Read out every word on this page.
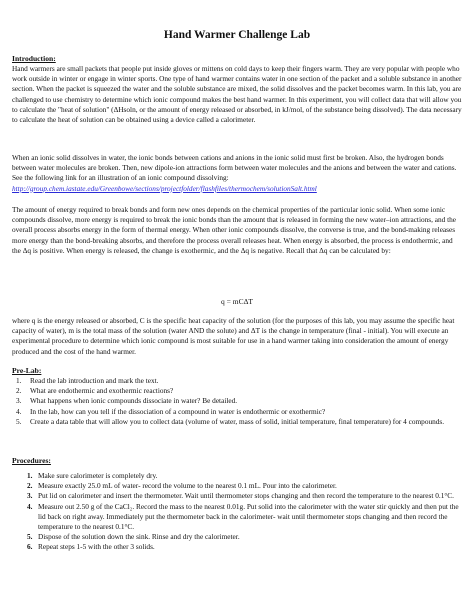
Hand Warmer Challenge Lab
Introduction:
Hand warmers are small packets that people put inside gloves or mittens on cold days to keep their fingers warm. They are very popular with people who work outside in winter or engage in winter sports. One type of hand warmer contains water in one section of the packet and a soluble substance in another section. When the packet is squeezed the water and the soluble substance are mixed, the solid dissolves and the packet becomes warm. In this lab, you are challenged to use chemistry to determine which ionic compound makes the best hand warmer. In this experiment, you will collect data that will allow you to calculate the "heat of solution" (ΔHsoln, or the amount of energy released or absorbed, in kJ/mol, of the substance being dissolved). The data necessary to calculate the heat of solution can be obtained using a device called a calorimeter.
When an ionic solid dissolves in water, the ionic bonds between cations and anions in the ionic solid must first be broken. Also, the hydrogen bonds between water molecules are broken. Then, new dipole-ion attractions form between water molecules and the anions and between the water and cations. See the following link for an illustration of an ionic compound dissolving: http://group.chem.iastate.edu/Greenbowe/sections/projectfolder/flashfiles/thermochem/solutionSalt.html
The amount of energy required to break bonds and form new ones depends on the chemical properties of the particular ionic solid. When some ionic compounds dissolve, more energy is required to break the ionic bonds than the amount that is released in forming the new water–ion attractions, and the overall process absorbs energy in the form of thermal energy. When other ionic compounds dissolve, the converse is true, and the bond-making releases more energy than the bond-breaking absorbs, and therefore the process overall releases heat. When energy is absorbed, the process is endothermic, and the Δq is positive. When energy is released, the change is exothermic, and the Δq is negative. Recall that Δq can be calculated by:
q = mCΔT
where q is the energy released or absorbed, C is the specific heat capacity of the solution (for the purposes of this lab, you may assume the specific heat capacity of water), m is the total mass of the solution (water AND the solute) and ΔT is the change in temperature (final - initial). You will execute an experimental procedure to determine which ionic compound is most suitable for use in a hand warmer taking into consideration the amount of energy produced and the cost of the hand warmer.
Pre-Lab:
1. Read the lab introduction and mark the text.
2. What are endothermic and exothermic reactions?
3. What happens when ionic compounds dissociate in water? Be detailed.
4. In the lab, how can you tell if the dissociation of a compound in water is endothermic or exothermic?
5. Create a data table that will allow you to collect data (volume of water, mass of solid, initial temperature, final temperature) for 4 compounds.
Procedures:
1. Make sure calorimeter is completely dry.
2. Measure exactly 25.0 mL of water- record the volume to the nearest 0.1 mL. Pour into the calorimeter.
3. Put lid on calorimeter and insert the thermometer. Wait until thermometer stops changing and then record the temperature to the nearest 0.1°C.
4. Measure out 2.50 g of the CaCl₂. Record the mass to the nearest 0.01g. Put solid into the calorimeter with the water stir quickly and then put the lid back on right away. Immediately put the thermometer back in the calorimeter- wait until thermometer stops changing and then record the temperature to the nearest 0.1°C.
5. Dispose of the solution down the sink. Rinse and dry the calorimeter.
6. Repeat steps 1-5 with the other 3 solids.
